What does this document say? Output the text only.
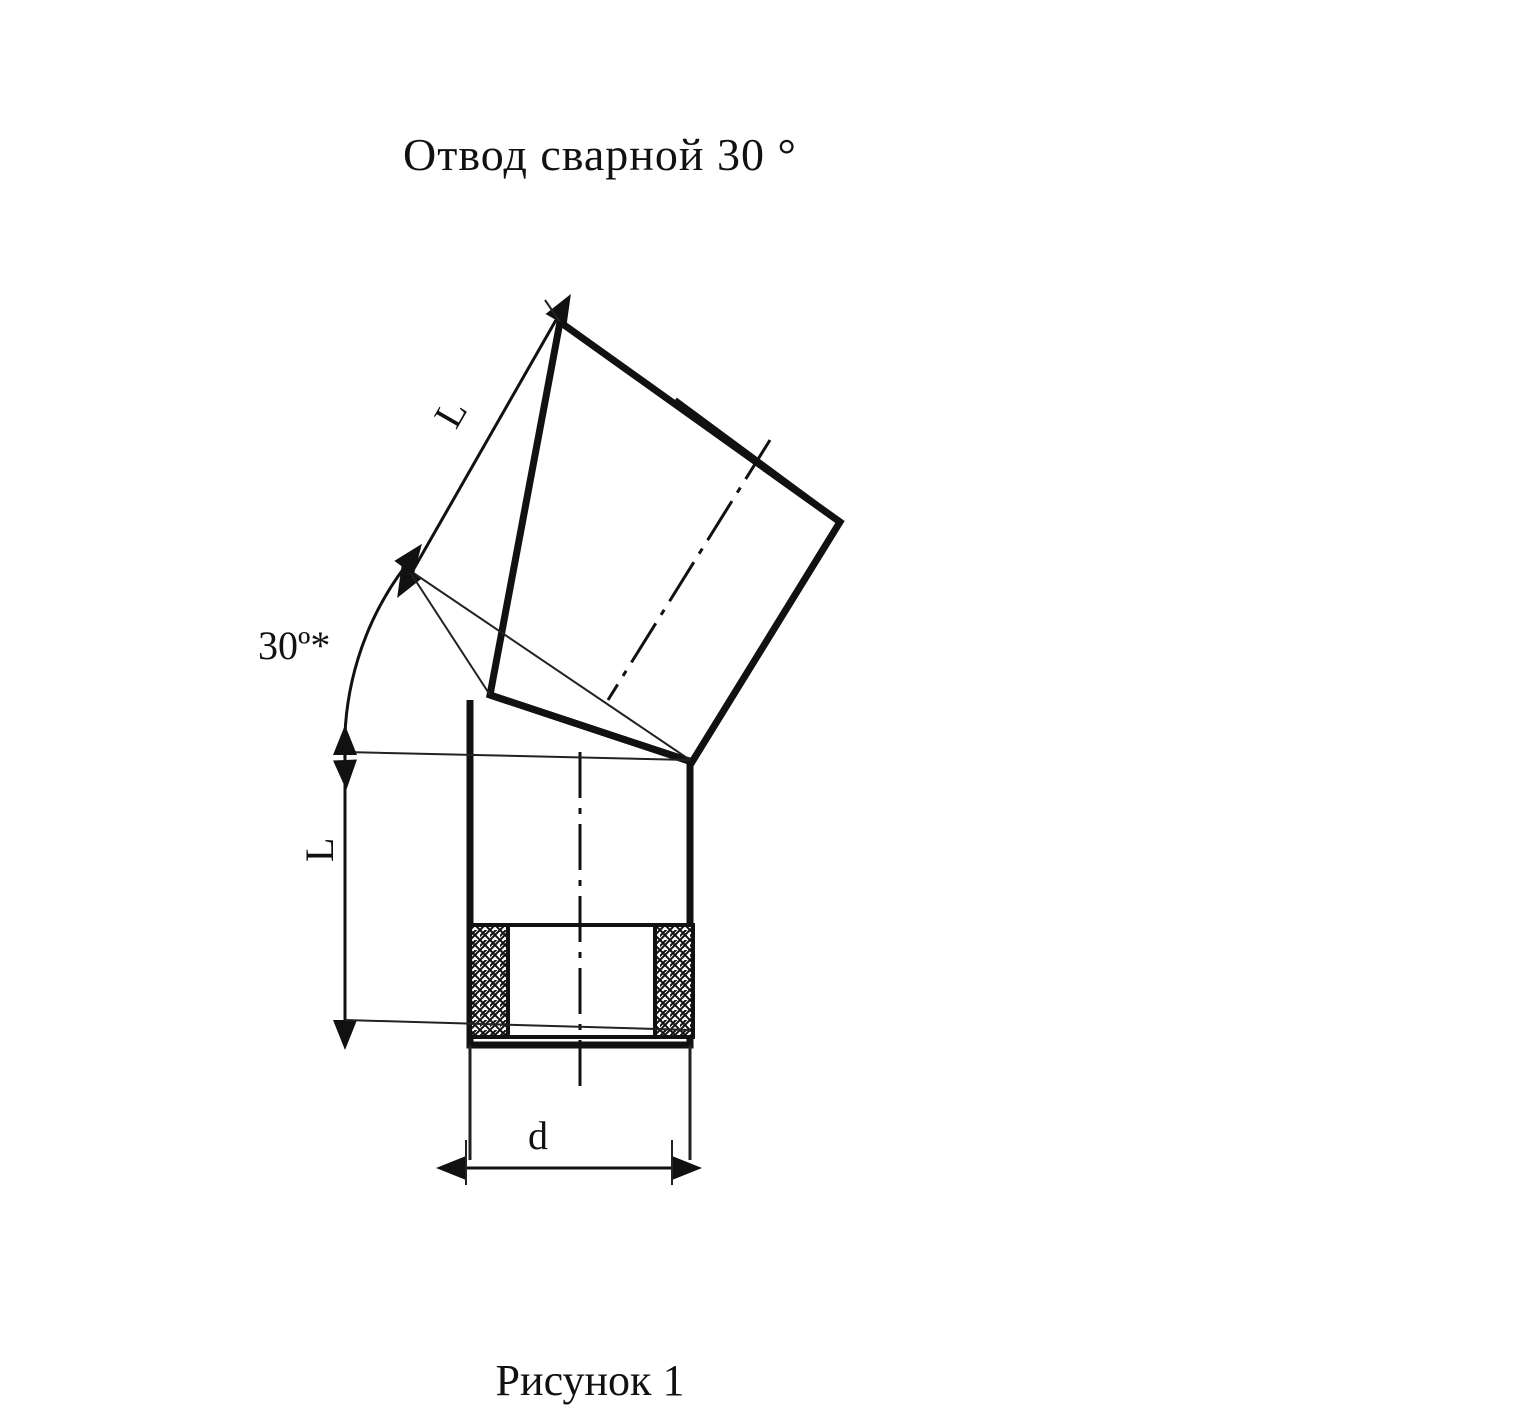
Отвод сварной 30 °
30º*
L
L
d
Рисунок 1
